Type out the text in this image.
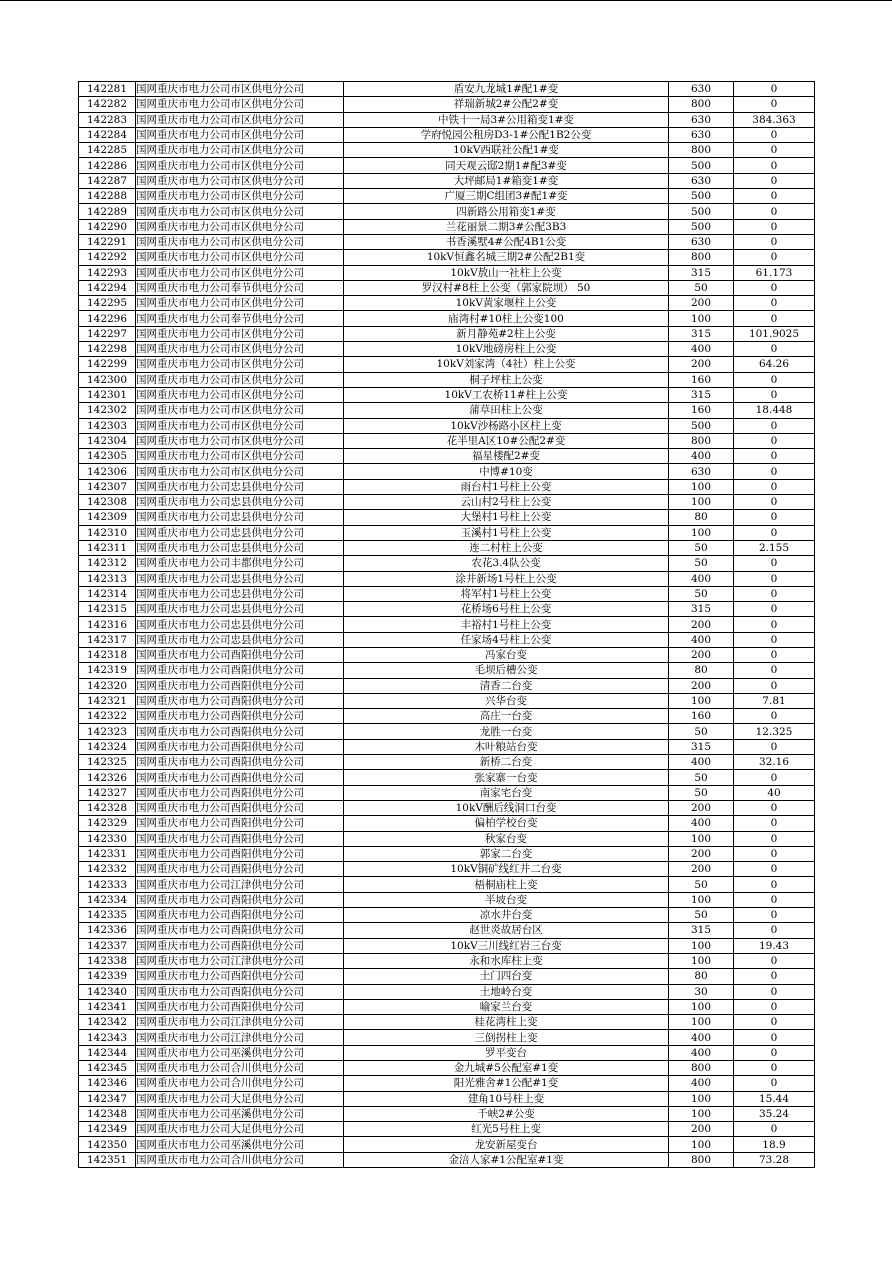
142281	国网重庆市电力公司市区供电分公司	盾安九龙城1#配1#变	630	0
142282	国网重庆市电力公司市区供电分公司	祥瑞新城2#公配2#变	800	0
142283	国网重庆市电力公司市区供电分公司	中铁十一局3#公用箱变1#变	630	384.363
142284	国网重庆市电力公司市区供电分公司	学府悦园公租房D3-1#公配1B2公变	630	0
142285	国网重庆市电力公司市区供电分公司	10kV西联社公配1#变	800	0
142286	国网重庆市电力公司市区供电分公司	同天观云邸2期1#配3#变	500	0
142287	国网重庆市电力公司市区供电分公司	大坪邮局1#箱变1#变	630	0
142288	国网重庆市电力公司市区供电分公司	广厦三期C组团3#配1#变	500	0
142289	国网重庆市电力公司市区供电分公司	四新路公用箱变1#变	500	0
142290	国网重庆市电力公司市区供电分公司	兰花丽景二期3#公配3B3	500	0
142291	国网重庆市电力公司市区供电分公司	书香溪墅4#公配4B1公变	630	0
142292	国网重庆市电力公司市区供电分公司	10kV恒鑫名城三期2#公配2B1变	800	0
142293	国网重庆市电力公司市区供电分公司	10kV敖山一社柱上公变	315	61.173
142294	国网重庆市电力公司奉节供电分公司	罗汉村#8柱上公变（郭家院坝） 50	50	0
142295	国网重庆市电力公司市区供电分公司	10kV黄家堰柱上公变	200	0
142296	国网重庆市电力公司奉节供电分公司	庙湾村#10柱上公变100	100	0
142297	国网重庆市电力公司市区供电分公司	新月静苑#2柱上公变	315	101.9025
142298	国网重庆市电力公司市区供电分公司	10kV地磅房柱上公变	400	0
142299	国网重庆市电力公司市区供电分公司	10kV刘家湾（4社）柱上公变	200	64.26
142300	国网重庆市电力公司市区供电分公司	桐子坪柱上公变	160	0
142301	国网重庆市电力公司市区供电分公司	10kV工农桥11#柱上公变	315	0
142302	国网重庆市电力公司市区供电分公司	蒲草田柱上公变	160	18.448
142303	国网重庆市电力公司市区供电分公司	10kV沙杨路小区柱上变	500	0
142304	国网重庆市电力公司市区供电分公司	花半里A区10#公配2#变	800	0
142305	国网重庆市电力公司市区供电分公司	福星楼配2#变	400	0
142306	国网重庆市电力公司市区供电分公司	中博#10变	630	0
142307	国网重庆市电力公司忠县供电分公司	雨台村1号柱上公变	100	0
142308	国网重庆市电力公司忠县供电分公司	云山村2号柱上公变	100	0
142309	国网重庆市电力公司忠县供电分公司	大堡村1号柱上公变	80	0
142310	国网重庆市电力公司忠县供电分公司	玉溪村1号柱上公变	100	0
142311	国网重庆市电力公司忠县供电分公司	连二村柱上公变	50	2.155
142312	国网重庆市电力公司丰都供电分公司	农花3.4队公变	50	0
142313	国网重庆市电力公司忠县供电分公司	涂井新场1号柱上公变	400	0
142314	国网重庆市电力公司忠县供电分公司	将军村1号柱上公变	50	0
142315	国网重庆市电力公司忠县供电分公司	花桥场6号柱上公变	315	0
142316	国网重庆市电力公司忠县供电分公司	丰裕村1号柱上公变	200	0
142317	国网重庆市电力公司忠县供电分公司	任家场4号柱上公变	400	0
142318	国网重庆市电力公司酉阳供电分公司	冯家台变	200	0
142319	国网重庆市电力公司酉阳供电分公司	毛坝后槽公变	80	0
142320	国网重庆市电力公司酉阳供电分公司	清香二台变	200	0
142321	国网重庆市电力公司酉阳供电分公司	兴华台变	100	7.81
142322	国网重庆市电力公司酉阳供电分公司	高庄一台变	160	0
142323	国网重庆市电力公司酉阳供电分公司	龙胜一台变	50	12.325
142324	国网重庆市电力公司酉阳供电分公司	木叶粮站台变	315	0
142325	国网重庆市电力公司酉阳供电分公司	新桥二台变	400	32.16
142326	国网重庆市电力公司酉阳供电分公司	张家寨一台变	50	0
142327	国网重庆市电力公司酉阳供电分公司	南家宅台变	50	40
142328	国网重庆市电力公司酉阳供电分公司	10kV酬后线洞口台变	200	0
142329	国网重庆市电力公司酉阳供电分公司	偏柏学校台变	400	0
142330	国网重庆市电力公司酉阳供电分公司	秋家台变	100	0
142331	国网重庆市电力公司酉阳供电分公司	郭家二台变	200	0
142332	国网重庆市电力公司酉阳供电分公司	10kV铜矿线红井二台变	200	0
142333	国网重庆市电力公司江津供电分公司	梧桐庙柱上变	50	0
142334	国网重庆市电力公司酉阳供电分公司	半坡台变	100	0
142335	国网重庆市电力公司酉阳供电分公司	凉水井台变	50	0
142336	国网重庆市电力公司酉阳供电分公司	赵世炎故居台区	315	0
142337	国网重庆市电力公司酉阳供电分公司	10kV三川线红岩三台变	100	19.43
142338	国网重庆市电力公司江津供电分公司	永和水库柱上变	100	0
142339	国网重庆市电力公司酉阳供电分公司	土门四台变	80	0
142340	国网重庆市电力公司酉阳供电分公司	土地岭台变	30	0
142341	国网重庆市电力公司酉阳供电分公司	喻家兰台变	100	0
142342	国网重庆市电力公司江津供电分公司	桂花湾柱上变	100	0
142343	国网重庆市电力公司江津供电分公司	三倒拐柱上变	400	0
142344	国网重庆市电力公司巫溪供电分公司	罗平变台	400	0
142345	国网重庆市电力公司合川供电分公司	金九城#5公配室#1变	800	0
142346	国网重庆市电力公司合川供电分公司	阳光雅舍#1公配#1变	400	0
142347	国网重庆市电力公司大足供电分公司	建角10号柱上变	100	15.44
142348	国网重庆市电力公司巫溪供电分公司	千峡2#公变	100	35.24
142349	国网重庆市电力公司大足供电分公司	红光5号柱上变	200	0
142350	国网重庆市电力公司巫溪供电分公司	龙安新屋变台	100	18.9
142351	国网重庆市电力公司合川供电分公司	金涪人家#1公配室#1变	800	73.28
